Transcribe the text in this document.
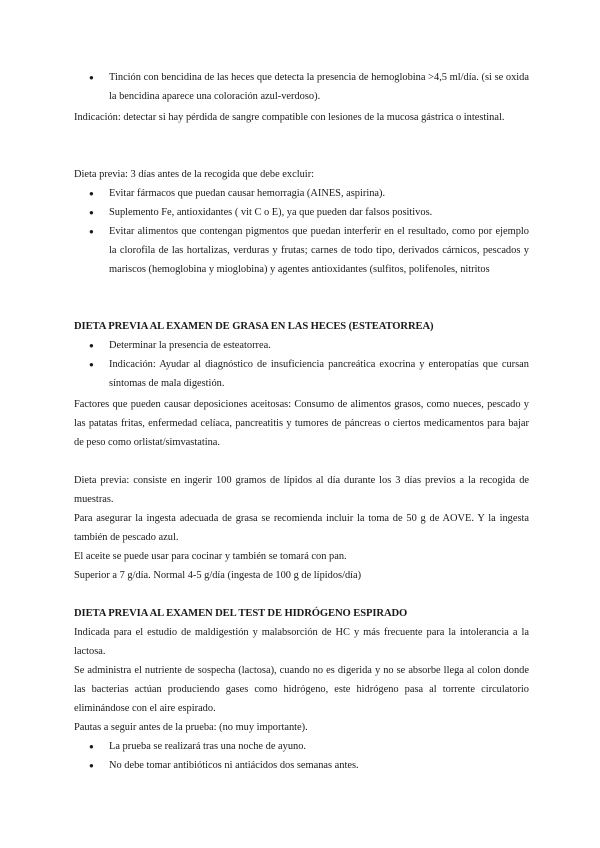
● Tinción con bencidina de las heces que detecta la presencia de hemoglobina >4,5 ml/día. (si se oxida la bencidina aparece una coloración azul-verdoso).

Indicación: detectar si hay pérdida de sangre compatible con lesiones de la mucosa gástrica o intestinal.

Dieta previa: 3 días antes de la recogida que debe excluir:

● Evitar fármacos que puedan causar hemorragia (AINES, aspirina).
● Suplemento Fe, antioxidantes ( vit C o E), ya que pueden dar falsos positivos.
● Evitar alimentos que contengan pigmentos que puedan interferir en el resultado, como por ejemplo la clorofila de las hortalizas, verduras y frutas; carnes de todo tipo, derivados cárnicos, pescados y mariscos (hemoglobina y mioglobina) y agentes antioxidantes (sulfitos, polifenoles, nitritos
DIETA PREVIA AL EXAMEN DE GRASA EN LAS HECES (ESTEATORREA)
● Determinar la presencia de esteatorrea.
● Indicación: Ayudar al diagnóstico de insuficiencia pancreática exocrina y enteropatías que cursan síntomas de mala digestión.

Factores que pueden causar deposiciones aceitosas: Consumo de alimentos grasos, como nueces, pescado y las patatas fritas, enfermedad celíaca, pancreatitis y tumores de páncreas o ciertos medicamentos para bajar de peso como orlistat/simvastatina.

Dieta previa: consiste en ingerir 100 gramos de lípidos al día durante los 3 días previos a la recogida de muestras.

Para asegurar la ingesta adecuada de grasa se recomienda incluir la toma de 50 g de AOVE. Y la ingesta también de pescado azul.

El aceite se puede usar para cocinar y también se tomará con pan.

Superior a 7 g/día. Normal 4-5 g/día (ingesta de 100 g de lípidos/día)

DIETA PREVIA AL EXAMEN DEL TEST DE HIDRÓGENO ESPIRADO

Indicada para el estudio de maldigestión y malabsorción de HC y más frecuente para la intolerancia a la lactosa.

Se administra el nutriente de sospecha (lactosa), cuando no es digerida y no se absorbe llega al colon donde las bacterias actúan produciendo gases como hidrógeno, este hidrógeno pasa al torrente circulatorio eliminándose con el aire espirado.

Pautas a seguir antes de la prueba: (no muy importante).

● La prueba se realizará tras una noche de ayuno.
● No debe tomar antibióticos ni antiácidos dos semanas antes.
